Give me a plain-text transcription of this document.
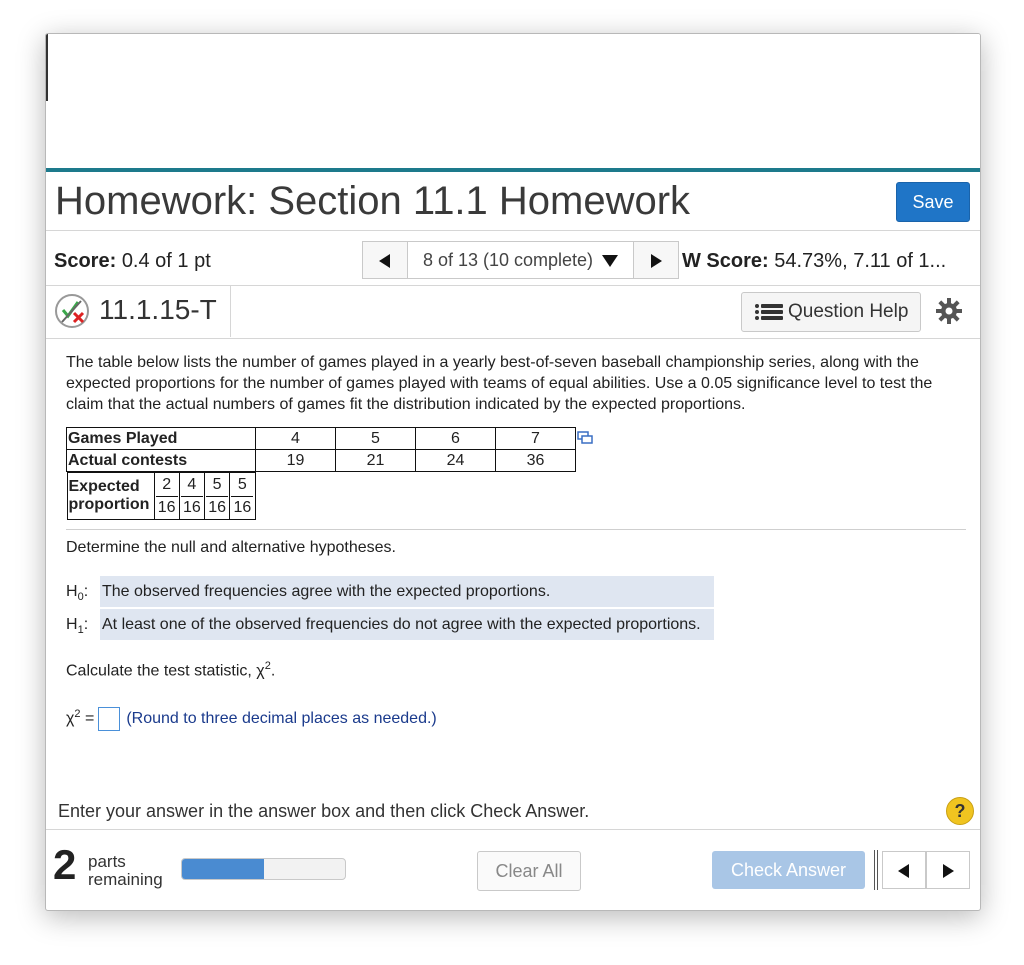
Homework: Section 11.1 Homework	Save
Score: 0.4 of 1 pt	8 of 13 (10 complete)	W Score: 54.73%, 7.11 of 1...
11.1.15-T	Question Help

The table below lists the number of games played in a yearly best-of-seven baseball championship series, along with the expected proportions for the number of games played with teams of equal abilities. Use a 0.05 significance level to test the claim that the actual numbers of games fit the distribution indicated by the expected proportions.

Games Played	4	5	6	7
Actual contests	19	21	24	36
Expected proportion	$\frac{2}{16}$	$\frac{4}{16}$	$\frac{5}{16}$	$\frac{5}{16}$
Determine the null and alternative hypotheses.
$H_0$: The observed frequencies agree with the expected proportions.
$H_1$: At least one of the observed frequencies do not agree with the expected proportions.
Calculate the test statistic, $\chi^2$.
$\chi^2$ = (Round to three decimal places as needed.)
Enter your answer in the answer box and then click Check Answer.	?
2 parts
remaining	Clear All	Check Answer
